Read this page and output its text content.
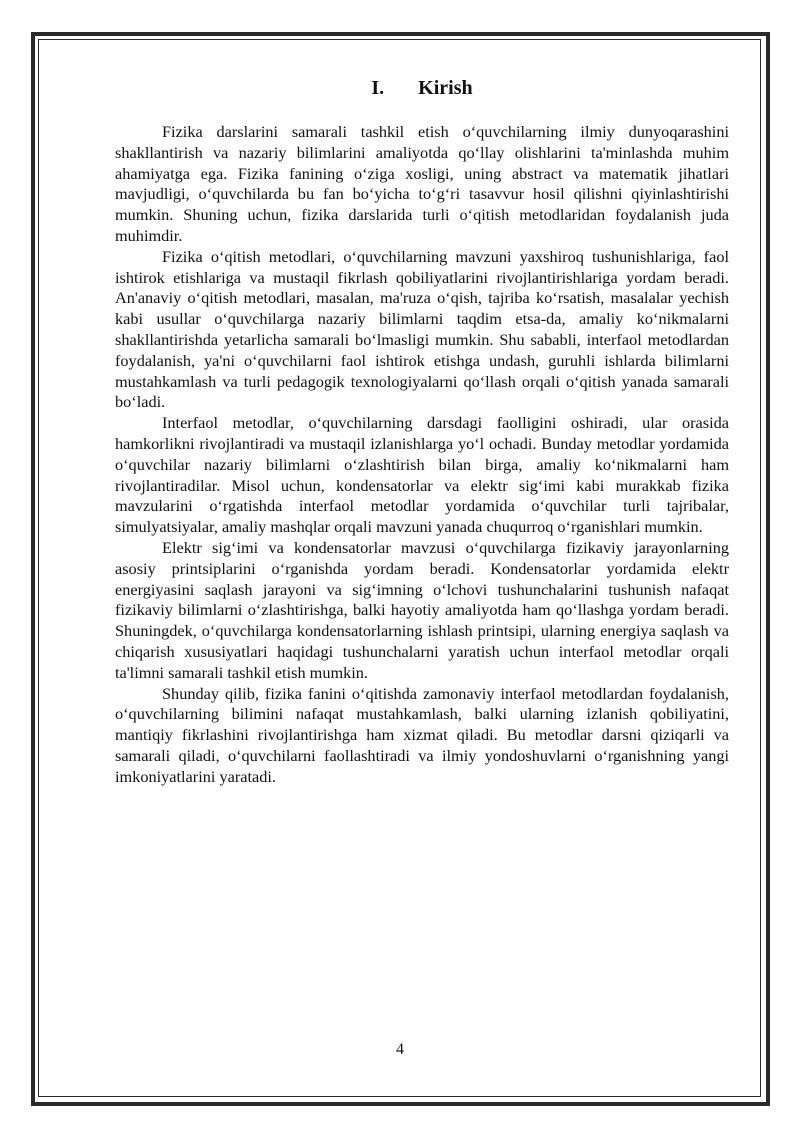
I. Kirish

Fizika darslarini samarali tashkil etish o‘quvchilarning ilmiy dunyoqarashini shakllantirish va nazariy bilimlarini amaliyotda qo‘llay olishlarini ta'minlashda muhim ahamiyatga ega. Fizika fanining o‘ziga xosligi, uning abstract va matematik jihatlari mavjudligi, o‘quvchilarda bu fan bo‘yicha to‘g‘ri tasavvur hosil qilishni qiyinlashtirishi mumkin. Shuning uchun, fizika darslarida turli o‘qitish metodlaridan foydalanish juda muhimdir.

Fizika o‘qitish metodlari, o‘quvchilarning mavzuni yaxshiroq tushunishlariga, faol ishtirok etishlariga va mustaqil fikrlash qobiliyatlarini rivojlantirishlariga yordam beradi. An'anaviy o‘qitish metodlari, masalan, ma'ruza o‘qish, tajriba ko‘rsatish, masalalar yechish kabi usullar o‘quvchilarga nazariy bilimlarni taqdim etsa-da, amaliy ko‘nikmalarni shakllantirishda yetarlicha samarali bo‘lmasligi mumkin. Shu sababli, interfaol metodlardan foydalanish, ya'ni o‘quvchilarni faol ishtirok etishga undash, guruhli ishlarda bilimlarni mustahkamlash va turli pedagogik texnologiyalarni qo‘llash orqali o‘qitish yanada samarali bo‘ladi.

Interfaol metodlar, o‘quvchilarning darsdagi faolligini oshiradi, ular orasida hamkorlikni rivojlantiradi va mustaqil izlanishlarga yo‘l ochadi. Bunday metodlar yordamida o‘quvchilar nazariy bilimlarni o‘zlashtirish bilan birga, amaliy ko‘nikmalarni ham rivojlantiradilar. Misol uchun, kondensatorlar va elektr sig‘imi kabi murakkab fizika mavzularini o‘rgatishda interfaol metodlar yordamida o‘quvchilar turli tajribalar, simulyatsiyalar, amaliy mashqlar orqali mavzuni yanada chuqurroq o‘rganishlari mumkin.

Elektr sig‘imi va kondensatorlar mavzusi o‘quvchilarga fizikaviy jarayonlarning asosiy printsiplarini o‘rganishda yordam beradi. Kondensatorlar yordamida elektr energiyasini saqlash jarayoni va sig‘imning o‘lchovi tushunchalarini tushunish nafaqat fizikaviy bilimlarni o‘zlashtirishga, balki hayotiy amaliyotda ham qo‘llashga yordam beradi. Shuningdek, o‘quvchilarga kondensatorlarning ishlash printsipi, ularning energiya saqlash va chiqarish xususiyatlari haqidagi tushunchalarni yaratish uchun interfaol metodlar orqali ta'limni samarali tashkil etish mumkin.

Shunday qilib, fizika fanini o‘qitishda zamonaviy interfaol metodlardan foydalanish, o‘quvchilarning bilimini nafaqat mustahkamlash, balki ularning izlanish qobiliyatini, mantiqiy fikrlashini rivojlantirishga ham xizmat qiladi. Bu metodlar darsni qiziqarli va samarali qiladi, o‘quvchilarni faollashtiradi va ilmiy yondoshuvlarni o‘rganishning yangi imkoniyatlarini yaratadi.

4
